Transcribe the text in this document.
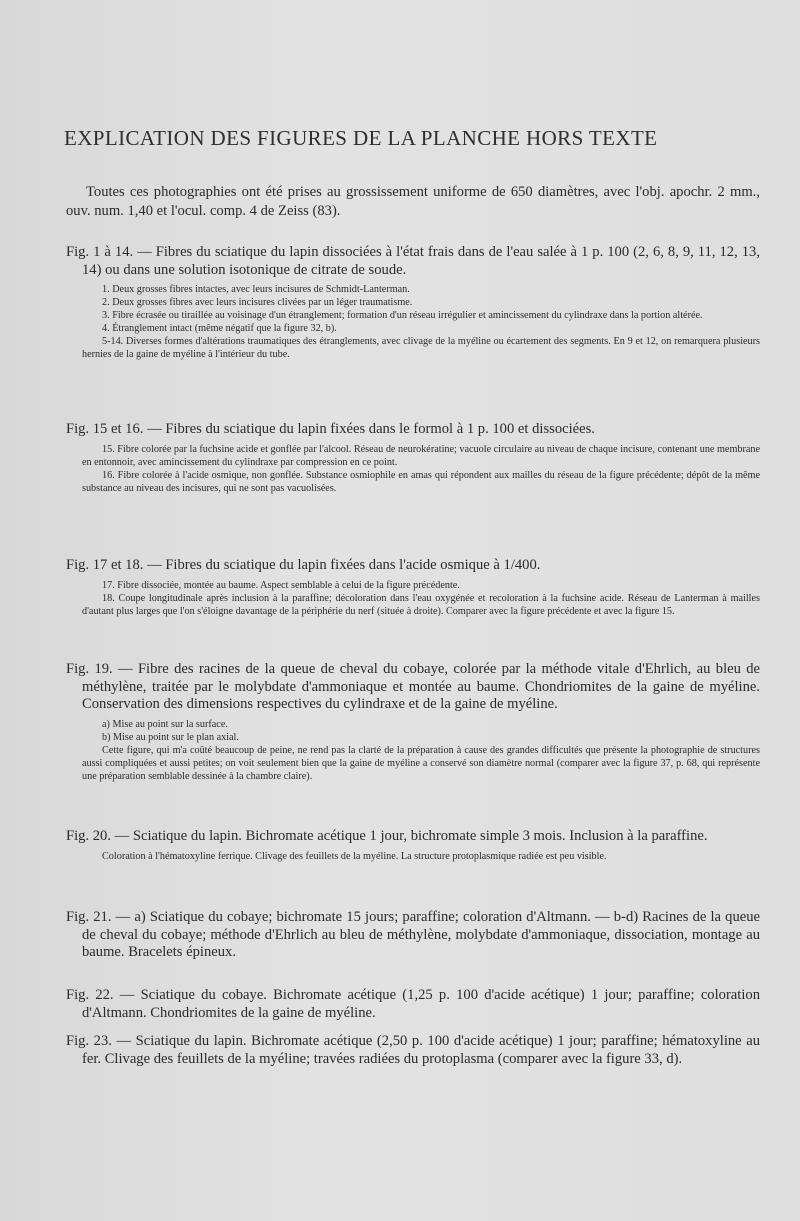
EXPLICATION DES FIGURES DE LA PLANCHE HORS TEXTE
Toutes ces photographies ont été prises au grossissement uniforme de 650 diamètres, avec l'obj. apochr. 2 mm., ouv. num. 1,40 et l'ocul. comp. 4 de Zeiss (83).
Fig. 1 à 14. — Fibres du sciatique du lapin dissociées à l'état frais dans de l'eau salée à 1 p. 100 (2, 6, 8, 9, 11, 12, 13, 14) ou dans une solution isotonique de citrate de soude.

1. Deux grosses fibres intactes, avec leurs incisures de Schmidt-Lanterman.

2. Deux grosses fibres avec leurs incisures clivées par un léger traumatisme.

3. Fibre écrasée ou tiraillée au voisinage d'un étranglement; formation d'un réseau irrégulier et amincissement du cylindraxe dans la portion altérée.

4. Étranglement intact (même négatif que la figure 32, b).

5-14. Diverses formes d'altérations traumatiques des étranglements, avec clivage de la myéline ou écartement des segments. En 9 et 12, on remarquera plusieurs hernies de la gaine de myéline à l'intérieur du tube.

Fig. 15 et 16. — Fibres du sciatique du lapin fixées dans le formol à 1 p. 100 et dissociées.

15. Fibre colorée par la fuchsine acide et gonflée par l'alcool. Réseau de neurokératine; vacuole circulaire au niveau de chaque incisure, contenant une membrane en entonnoir, avec amincissement du cylindraxe par compression en ce point.

16. Fibre colorée à l'acide osmique, non gonflée. Substance osmiophile en amas qui répondent aux mailles du réseau de la figure précédente; dépôt de la même substance au niveau des incisures, qui ne sont pas vacuolisées.

Fig. 17 et 18. — Fibres du sciatique du lapin fixées dans l'acide osmique à 1/400.

17. Fibre dissociée, montée au baume. Aspect semblable à celui de la figure précédente.

18. Coupe longitudinale après inclusion à la paraffine; décoloration dans l'eau oxygénée et recoloration à la fuchsine acide. Réseau de Lanterman à mailles d'autant plus larges que l'on s'éloigne davantage de la périphérie du nerf (située à droite). Comparer avec la figure précédente et avec la figure 15.

Fig. 19. — Fibre des racines de la queue de cheval du cobaye, colorée par la méthode vitale d'Ehrlich, au bleu de méthylène, traitée par le molybdate d'ammoniaque et montée au baume. Chondriomites de la gaine de myéline. Conservation des dimensions respectives du cylindraxe et de la gaine de myéline.

a) Mise au point sur la surface.

b) Mise au point sur le plan axial.

Cette figure, qui m'a coûté beaucoup de peine, ne rend pas la clarté de la préparation à cause des grandes difficultés que présente la photographie de structures aussi compliquées et aussi petites; on voit seulement bien que la gaine de myéline a conservé son diamètre normal (comparer avec la figure 37, p. 68, qui représente une préparation semblable dessinée à la chambre claire).

Fig. 20. — Sciatique du lapin. Bichromate acétique 1 jour, bichromate simple 3 mois. Inclusion à la paraffine.

Coloration à l'hématoxyline ferrique. Clivage des feuillets de la myéline. La structure protoplasmique radiée est peu visible.

Fig. 21. — a) Sciatique du cobaye; bichromate 15 jours; paraffine; coloration d'Altmann. — b-d) Racines de la queue de cheval du cobaye; méthode d'Ehrlich au bleu de méthylène, molybdate d'ammoniaque, dissociation, montage au baume. Bracelets épineux.
Fig. 22. — Sciatique du cobaye. Bichromate acétique (1,25 p. 100 d'acide acétique) 1 jour; paraffine; coloration d'Altmann. Chondriomites de la gaine de myéline.
Fig. 23. — Sciatique du lapin. Bichromate acétique (2,50 p. 100 d'acide acétique) 1 jour; paraffine; hématoxyline au fer. Clivage des feuillets de la myéline; travées radiées du protoplasma (comparer avec la figure 33, d).
